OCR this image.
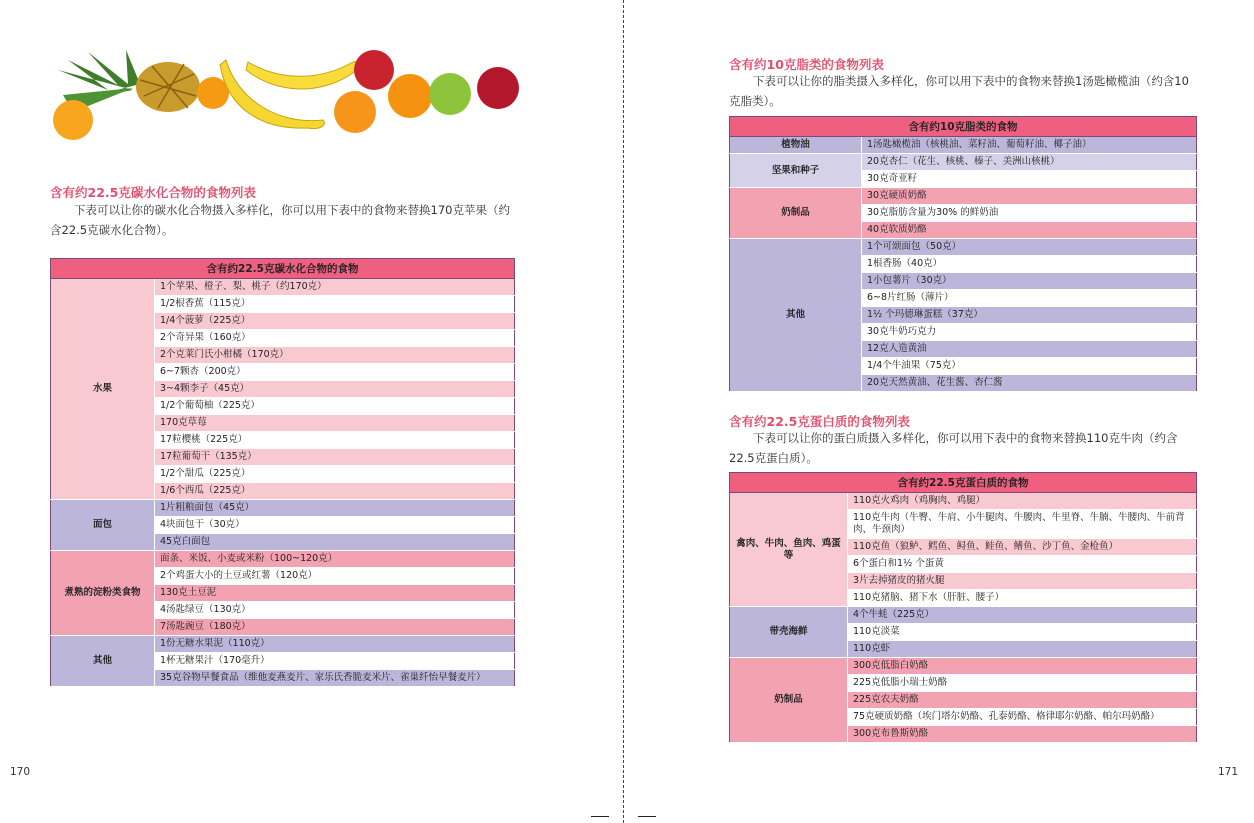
含有约22.5克碳水化合物的食物列表
下表可以让你的碳水化合物摄入多样化，你可以用下表中的食物来替换170克苹果（约含22.5克碳水化合物）。
含有约22.5克碳水化合物的食物	
水果	1个苹果、橙子、梨、桃子（约170克）
	1/2根香蕉（115克）
	1/4个菠萝（225克）
	2个奇异果（160克）
	2个克莱门氏小柑橘（170克）
	6~7颗杏（200克）
	3~4颗李子（45克）
	1/2个葡萄柚（225克）
	170克草莓
	17粒樱桃（225克）
	17粒葡萄干（135克）
	1/2个甜瓜（225克）
	1/6个西瓜（225克）
面包	1片粗粮面包（45克）
	4块面包干（30克）
	45克白面包
煮熟的淀粉类食物	面条、米饭、小麦或米粉（100~120克）
	2个鸡蛋大小的土豆或红薯（120克）
	130克土豆泥
	4汤匙绿豆（130克）
	7汤匙豌豆（180克）
其他	1份无糖水果泥（110克）
	1杯无糖果汁（170毫升）
	35克谷物早餐食品（维他麦燕麦片、家乐氏香脆麦米片、雀巢纤怡早餐麦片）
170
含有约10克脂类的食物列表
下表可以让你的脂类摄入多样化，你可以用下表中的食物来替换1汤匙橄榄油（约含10克脂类）。
含有约10克脂类的食物	
植物油	1汤匙橄榄油（核桃油、菜籽油、葡萄籽油、椰子油）
坚果和种子	20克杏仁（花生、核桃、榛子、美洲山核桃）
	30克奇亚籽
奶制品	30克硬质奶酪
	30克脂肪含量为30% 的鲜奶油
	40克软质奶酪
其他	1个可颂面包（50克）
	1根香肠（40克）
	1小包薯片（30克）
	6~8片红肠（薄片）
	1½ 个玛德琳蛋糕（37克）
	30克牛奶巧克力
	12克人造黄油
	1/4个牛油果（75克）
	20克天然黄油、花生酱、杏仁酱
含有约22.5克蛋白质的食物列表
下表可以让你的蛋白质摄入多样化，你可以用下表中的食物来替换110克牛肉（约含22.5克蛋白质）。
含有约22.5克蛋白质的食物	
禽肉、牛肉、鱼肉、鸡蛋等	110克火鸡肉（鸡胸肉、鸡腿）
	110克牛肉（牛臀、牛肩、小牛腿肉、牛腰肉、牛里脊、牛腩、牛腰肉、牛前背肉、牛颈肉）
	110克鱼（狼鲈、鳕鱼、鲟鱼、鲑鱼、鳍鱼、沙丁鱼、金枪鱼）
	6个蛋白和1½ 个蛋黄
	3片去掉猪皮的猪火腿
	110克猪脑、猪下水（肝脏、腰子）
带壳海鲜	4个牛蚝（225克）
	110克淡菜
	110克虾
奶制品	300克低脂白奶酪
	225克低脂小瑞士奶酪
	225克农夫奶酪
	75克硬质奶酪（埃门塔尔奶酪、孔泰奶酪、格律耶尔奶酪、帕尔玛奶酪）
	300克布鲁斯奶酪
171
